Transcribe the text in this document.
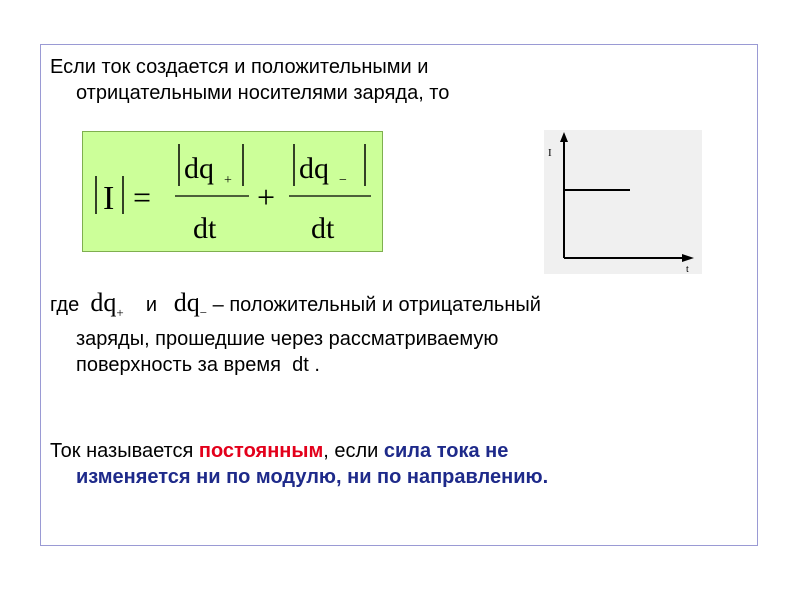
Если ток создается и положительными и
отрицательными носителями заряда, то
I =
dq +
dt
+
dq −
dt
I
t
где $dq_+$ и $dq_-$ – положительный и отрицательный
заряды, прошедшие через рассматриваемую
поверхность за время dt .
Ток называется постоянным, если сила тока не
изменяется ни по модулю, ни по направлению.
